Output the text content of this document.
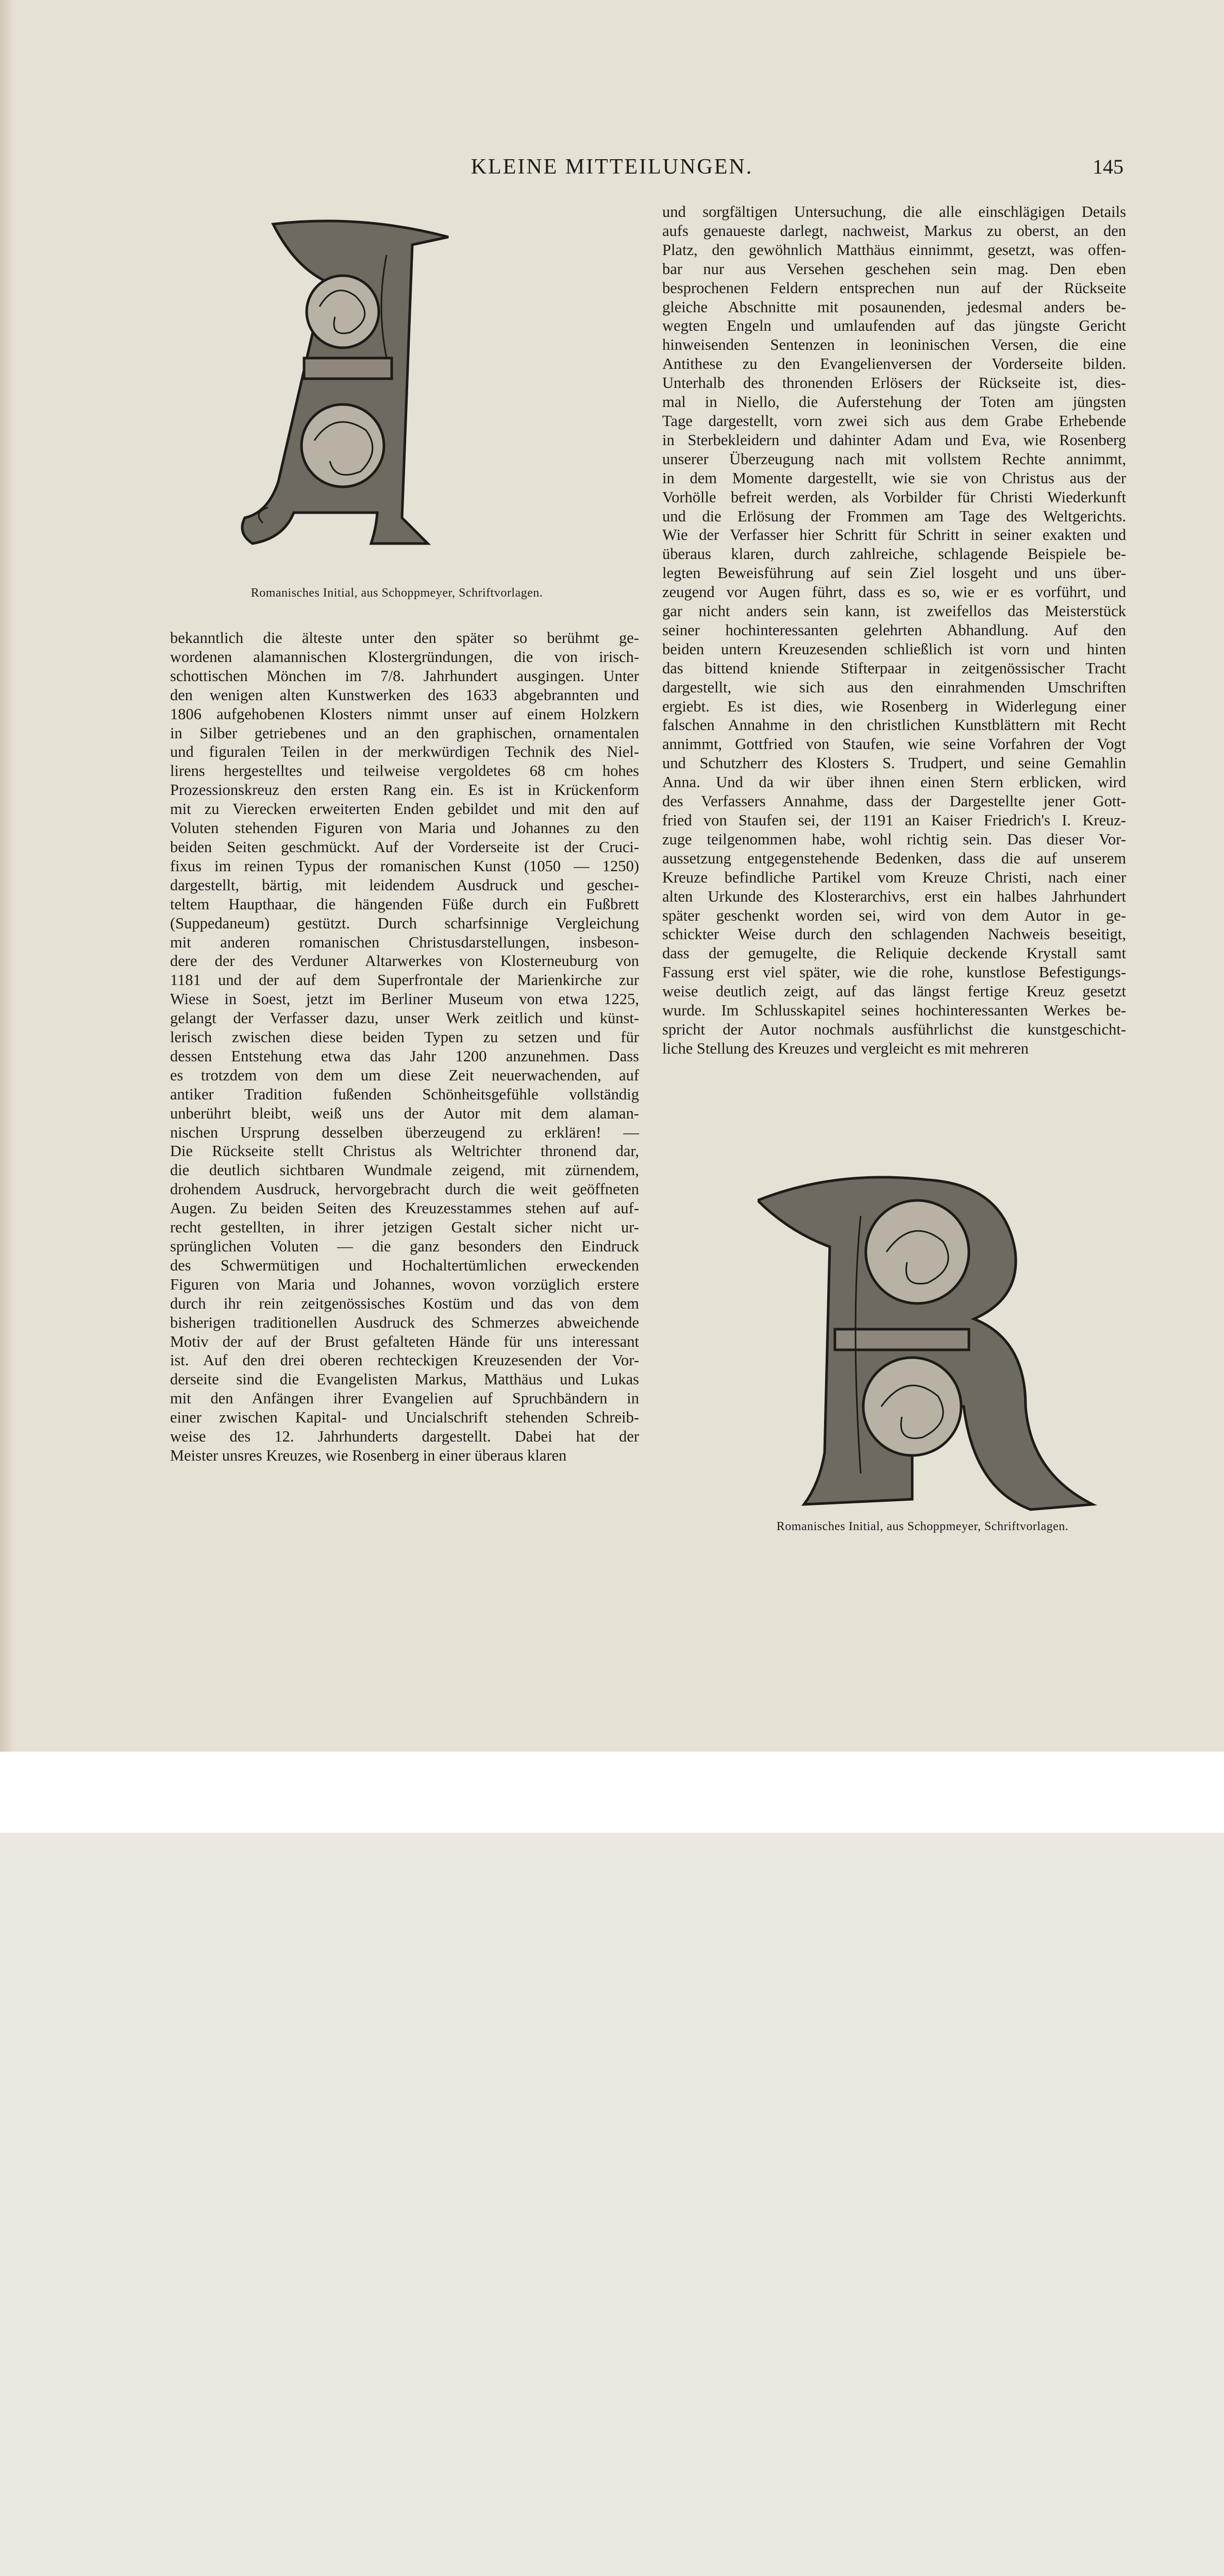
KLEINE MITTEILUNGEN.	145
Romanisches Initial, aus Schoppmeyer, Schriftvorlagen.

bekanntlich die älteste unter den später so berühmt ge-

wordenen alamannischen Klostergründungen, die von irisch-

schottischen Mönchen im 7/8. Jahrhundert ausgingen. Unter

den wenigen alten Kunstwerken des 1633 abgebrannten und

1806 aufgehobenen Klosters nimmt unser auf einem Holzkern

in Silber getriebenes und an den graphischen, ornamentalen

und figuralen Teilen in der merkwürdigen Technik des Niel-

lirens hergestelltes und teilweise vergoldetes 68 cm hohes

Prozessionskreuz den ersten Rang ein. Es ist in Krückenform

mit zu Vierecken erweiterten Enden gebildet und mit den auf

Voluten stehenden Figuren von Maria und Johannes zu den

beiden Seiten geschmückt. Auf der Vorderseite ist der Cruci-

fixus im reinen Typus der romanischen Kunst (1050 — 1250)

dargestellt, bärtig, mit leidendem Ausdruck und gescheı-

teltem Haupthaar, die hängenden Füße durch ein Fußbrett

(Suppedaneum) gestützt. Durch scharfsinnige Vergleichung

mit anderen romanischen Christusdarstellungen, insbeson-

dere der des Verduner Altarwerkes von Klosterneuburg von

1181 und der auf dem Superfrontale der Marienkirche zur

Wiese in Soest, jetzt im Berliner Museum von etwa 1225,

gelangt der Verfasser dazu, unser Werk zeitlich und künst-

lerisch zwischen diese beiden Typen zu setzen und für

dessen Entstehung etwa das Jahr 1200 anzunehmen. Dass

es trotzdem von dem um diese Zeit neuerwachenden, auf

antiker Tradition fußenden Schönheitsgefühle vollständig

unberührt bleibt, weiß uns der Autor mit dem alaman-

nischen Ursprung desselben überzeugend zu erklären! —

Die Rückseite stellt Christus als Weltrichter thronend dar,

die deutlich sichtbaren Wundmale zeigend, mit zürnendem,

drohendem Ausdruck, hervorgebracht durch die weit geöffneten

Augen. Zu beiden Seiten des Kreuzesstammes stehen auf auf-

recht gestellten, in ihrer jetzigen Gestalt sicher nicht ur-

sprünglichen Voluten — die ganz besonders den Eindruck

des Schwermütigen und Hochaltertümlichen erweckenden

Figuren von Maria und Johannes, wovon vorzüglich erstere

durch ihr rein zeitgenössisches Kostüm und das von dem

bisherigen traditionellen Ausdruck des Schmerzes abweichende

Motiv der auf der Brust gefalteten Hände für uns interessant

ist. Auf den drei oberen rechteckigen Kreuzesenden der Vor-

derseite sind die Evangelisten Markus, Matthäus und Lukas

mit den Anfängen ihrer Evangelien auf Spruchbändern in

einer zwischen Kapital- und Uncialschrift stehenden Schreib-

weise des 12. Jahrhunderts dargestellt. Dabei hat der

Meister unsres Kreuzes, wie Rosenberg in einer überaus klaren

und sorgfältigen Untersuchung, die alle einschlägigen Details

aufs genaueste darlegt, nachweist, Markus zu oberst, an den

Platz, den gewöhnlich Matthäus einnimmt, gesetzt, was offen-

bar nur aus Versehen geschehen sein mag. Den eben

besprochenen Feldern entsprechen nun auf der Rückseite

gleiche Abschnitte mit posaunenden, jedesmal anders be-

wegten Engeln und umlaufenden auf das jüngste Gericht

hinweisenden Sentenzen in leoninischen Versen, die eine

Antithese zu den Evangelienversen der Vorderseite bilden.

Unterhalb des thronenden Erlösers der Rückseite ist, dies-

mal in Niello, die Auferstehung der Toten am jüngsten

Tage dargestellt, vorn zwei sich aus dem Grabe Erhebende

in Sterbekleidern und dahinter Adam und Eva, wie Rosenberg

unserer Überzeugung nach mit vollstem Rechte annimmt,

in dem Momente dargestellt, wie sie von Christus aus der

Vorhölle befreit werden, als Vorbilder für Christi Wiederkunft

und die Erlösung der Frommen am Tage des Weltgerichts.

Wie der Verfasser hier Schritt für Schritt in seiner exakten und

überaus klaren, durch zahlreiche, schlagende Beispiele be-

legten Beweisführung auf sein Ziel losgeht und uns über-

zeugend vor Augen führt, dass es so, wie er es vorführt, und

gar nicht anders sein kann, ist zweifellos das Meisterstück

seiner hochinteressanten gelehrten Abhandlung. Auf den

beiden untern Kreuzesenden schließlich ist vorn und hinten

das bittend kniende Stifterpaar in zeitgenössischer Tracht

dargestellt, wie sich aus den einrahmenden Umschriften

ergiebt. Es ist dies, wie Rosenberg in Widerlegung einer

falschen Annahme in den christlichen Kunstblättern mit Recht

annimmt, Gottfried von Staufen, wie seine Vorfahren der Vogt

und Schutzherr des Klosters S. Trudpert, und seine Gemahlin

Anna. Und da wir über ihnen einen Stern erblicken, wird

des Verfassers Annahme, dass der Dargestellte jener Gott-

fried von Staufen sei, der 1191 an Kaiser Friedrich's I. Kreuz-

zuge teilgenommen habe, wohl richtig sein. Das dieser Vor-

aussetzung entgegenstehende Bedenken, dass die auf unserem

Kreuze befindliche Partikel vom Kreuze Christi, nach einer

alten Urkunde des Klosterarchivs, erst ein halbes Jahrhundert

später geschenkt worden sei, wird von dem Autor in ge-

schickter Weise durch den schlagenden Nachweis beseitigt,

dass der gemugelte, die Reliquie deckende Krystall samt

Fassung erst viel später, wie die rohe, kunstlose Befestigungs-

weise deutlich zeigt, auf das längst fertige Kreuz gesetzt

wurde. Im Schlusskapitel seines hochinteressanten Werkes be-

spricht der Autor nochmals ausführlichst die kunstgeschicht-

liche Stellung des Kreuzes und vergleicht es mit mehreren

Romanisches Initial, aus Schoppmeyer, Schriftvorlagen.
